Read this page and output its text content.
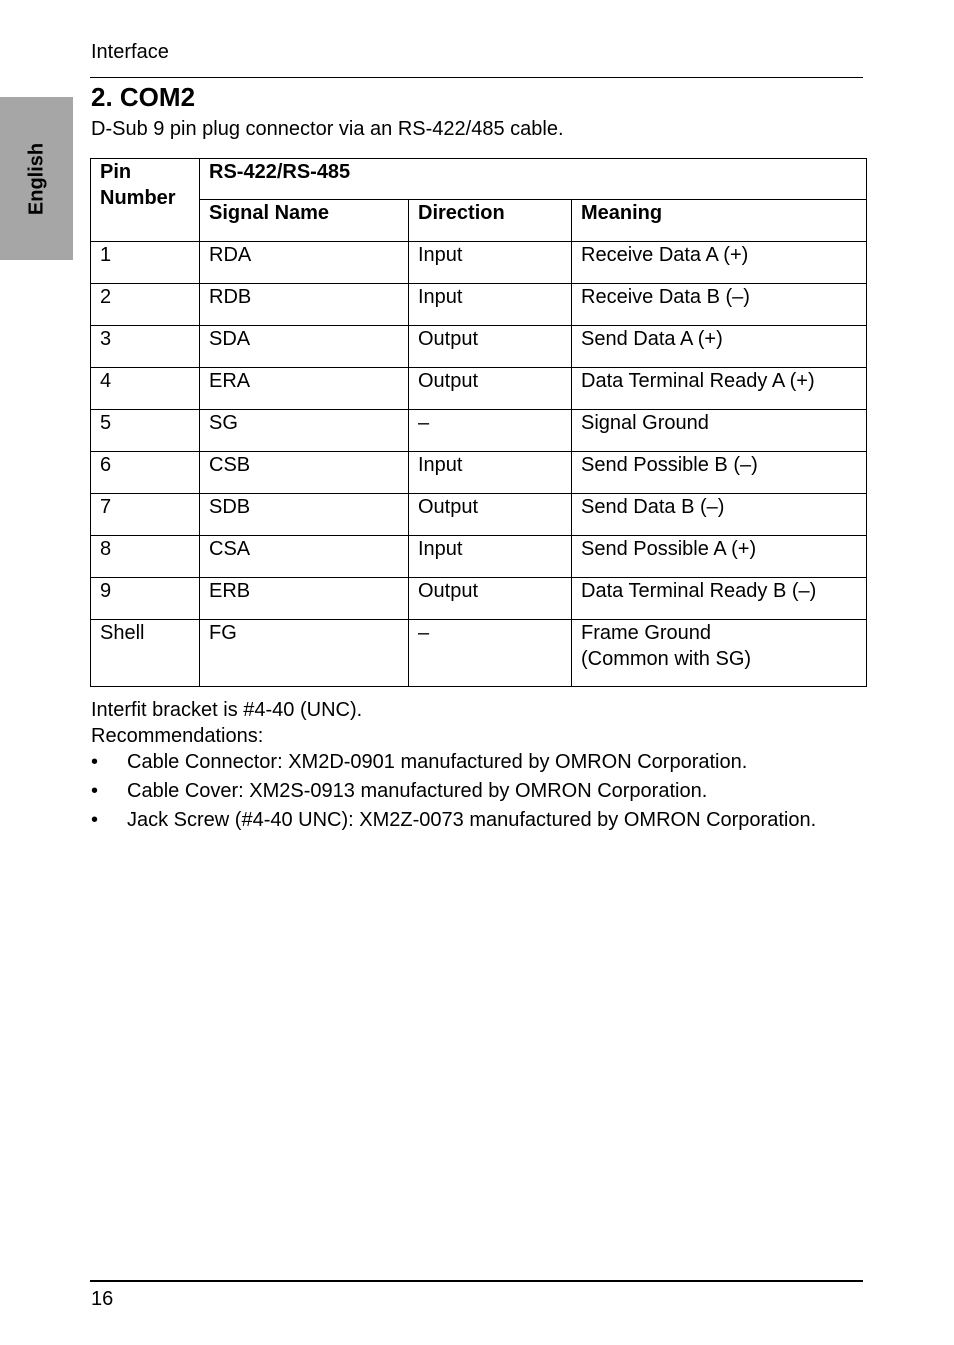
English
Interface
2. COM2
D-Sub 9 pin plug connector via an RS-422/485 cable.
Pin
Number	RS-422/RS-485		
	Signal Name	Direction	Meaning
1	RDA	Input	Receive Data A (+)
2	RDB	Input	Receive Data B (–)
3	SDA	Output	Send Data A (+)
4	ERA	Output	Data Terminal Ready A (+)
5	SG	–	Signal Ground
6	CSB	Input	Send Possible B (–)
7	SDB	Output	Send Data B (–)
8	CSA	Input	Send Possible A (+)
9	ERB	Output	Data Terminal Ready B (–)
Shell	FG	–	Frame Ground
(Common with SG)

Interfit bracket is #4-40 (UNC).

Recommendations:

• Cable Connector: XM2D-0901 manufactured by OMRON Corporation.
• Cable Cover: XM2S-0913 manufactured by OMRON Corporation.
• Jack Screw (#4-40 UNC): XM2Z-0073 manufactured by OMRON Corporation.
16
